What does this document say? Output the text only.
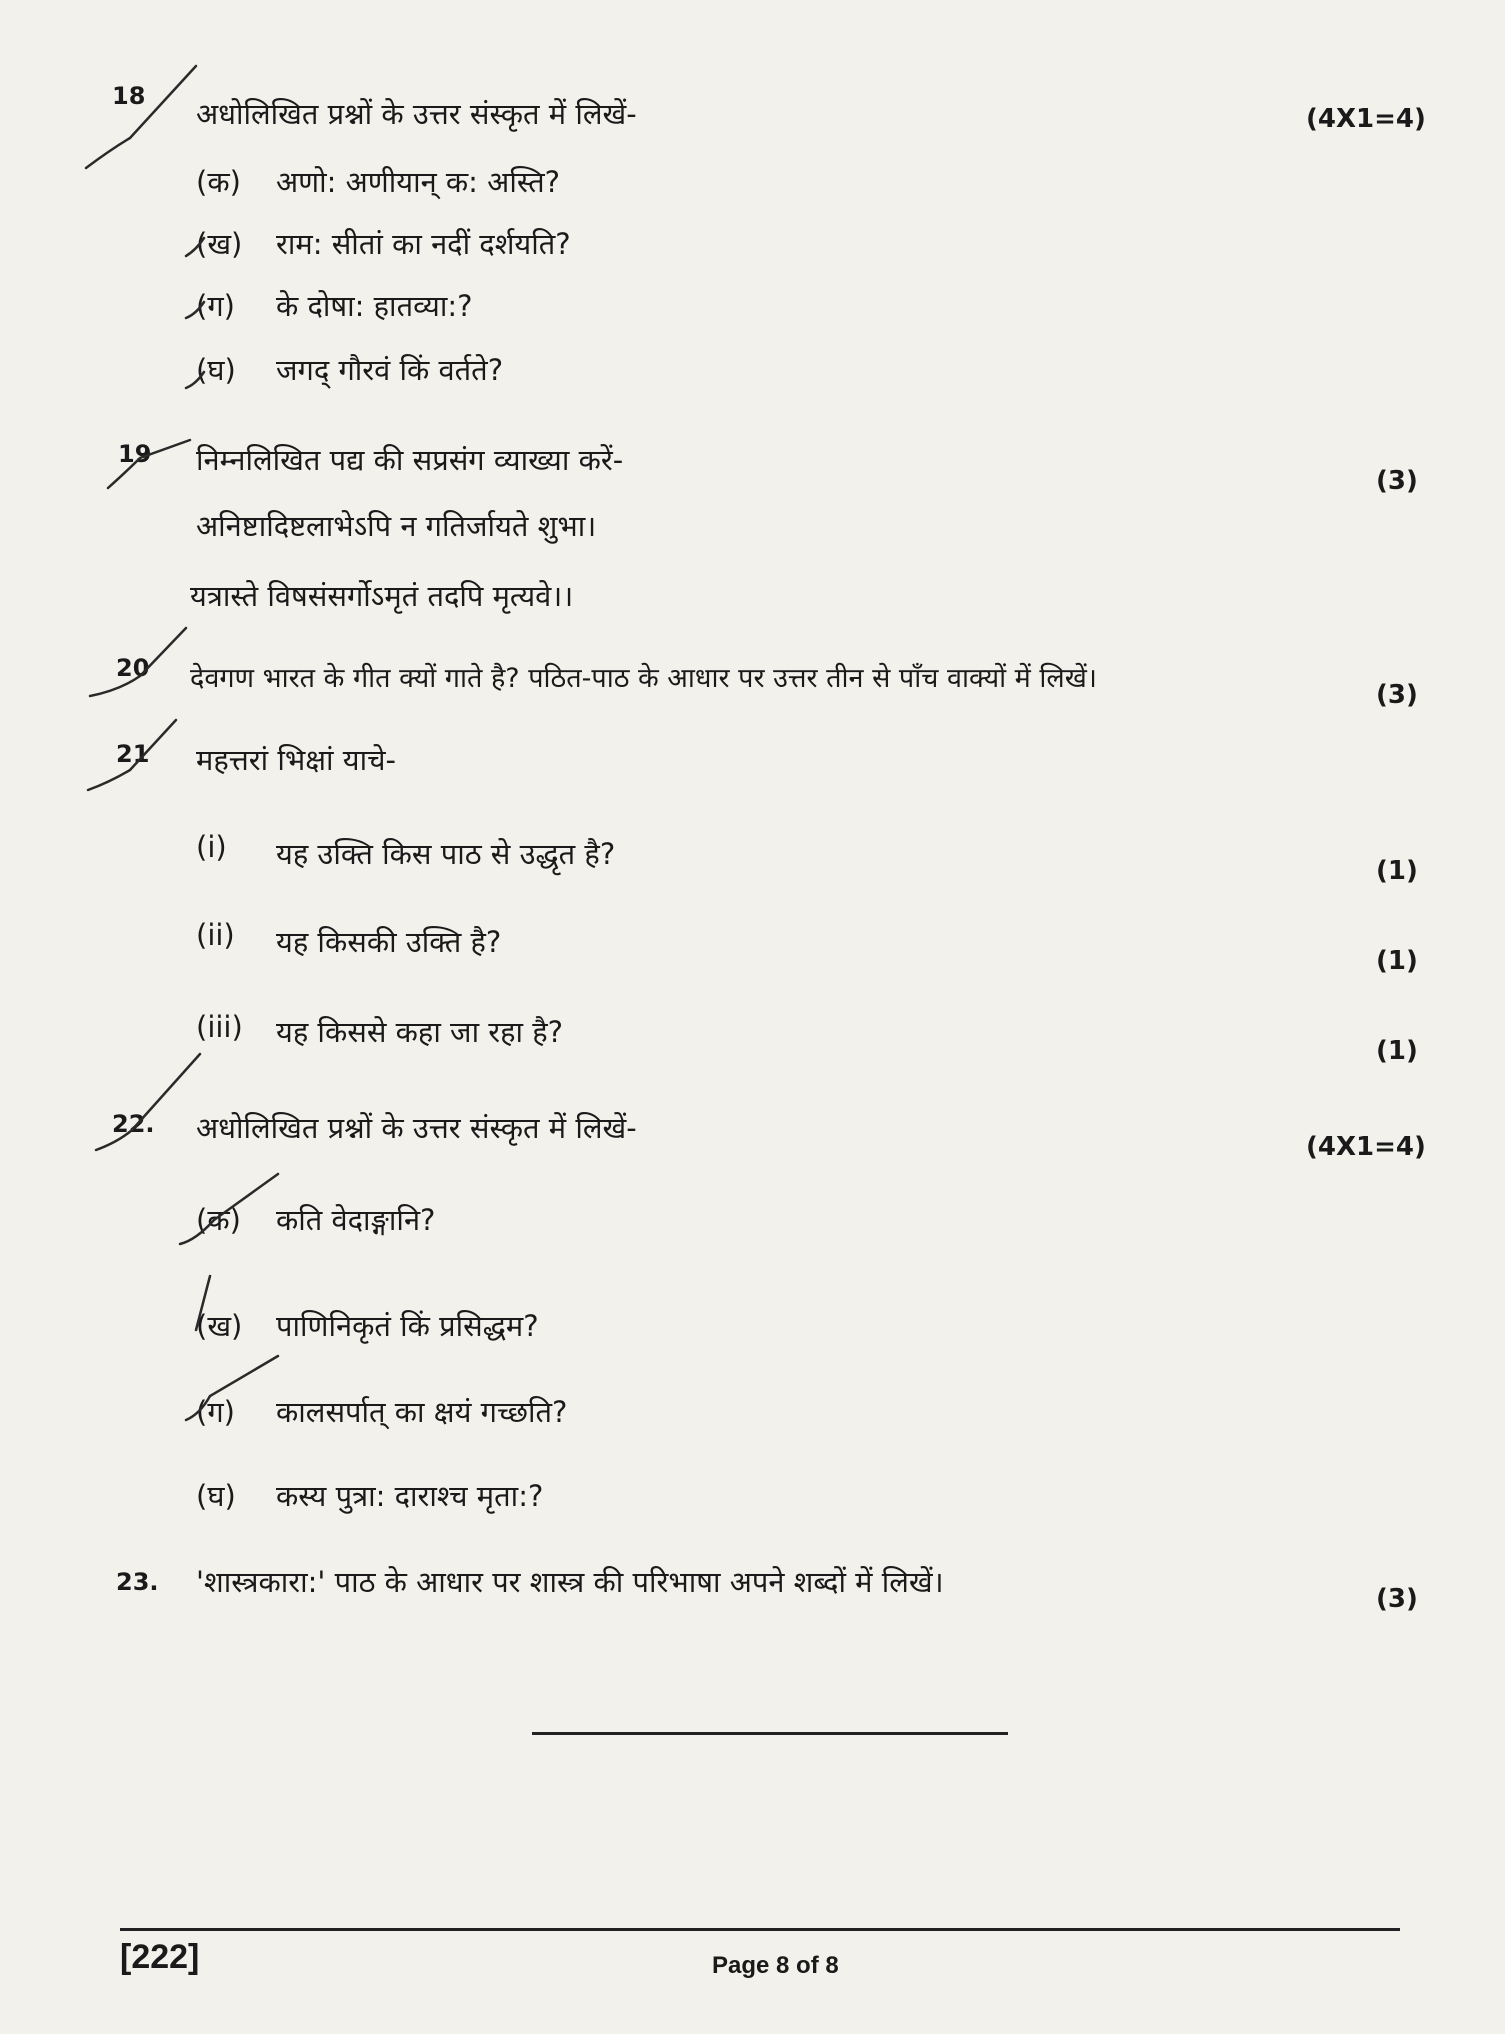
18
अधोलिखित प्रश्नों के उत्तर संस्कृत में लिखें-	(4X1=4)
(क) अणो: अणीयान् क: अस्ति?
(ख) राम: सीतां का नदीं दर्शयति?
(ग) के दोषा: हातव्या:?
(घ) जगद् गौरवं किं वर्तते?
19 निम्नलिखित पद्य की सप्रसंग व्याख्या करें-
(3)
अनिष्टादिष्टलाभेऽपि न गतिर्जायते शुभा।
यत्रास्ते विषसंसर्गोऽमृतं तदपि मृत्यवे।।
20 देवगण भारत के गीत क्यों गाते है? पठित-पाठ के आधार पर उत्तर तीन से पाँच वाक्यों में लिखें।
(3)
21 महत्तरां भिक्षां याचे-
(i) यह उक्ति किस पाठ से उद्धृत है?	(1)
(ii) यह किसकी उक्ति है?
(1)
(iii) यह किससे कहा जा रहा है?
(1)
22. अधोलिखित प्रश्नों के उत्तर संस्कृत में लिखें-
(4X1=4)
(क) कति वेदाङ्गानि?
(ख) पाणिनिकृतं किं प्रसिद्धम?
(ग) कालसर्पात् का क्षयं गच्छति?
(घ) कस्य पुत्रा: दाराश्च मृता:?
23. 'शास्त्रकारा:' पाठ के आधार पर शास्त्र की परिभाषा अपने शब्दों में लिखें।	(3)
[222]	Page 8 of 8
